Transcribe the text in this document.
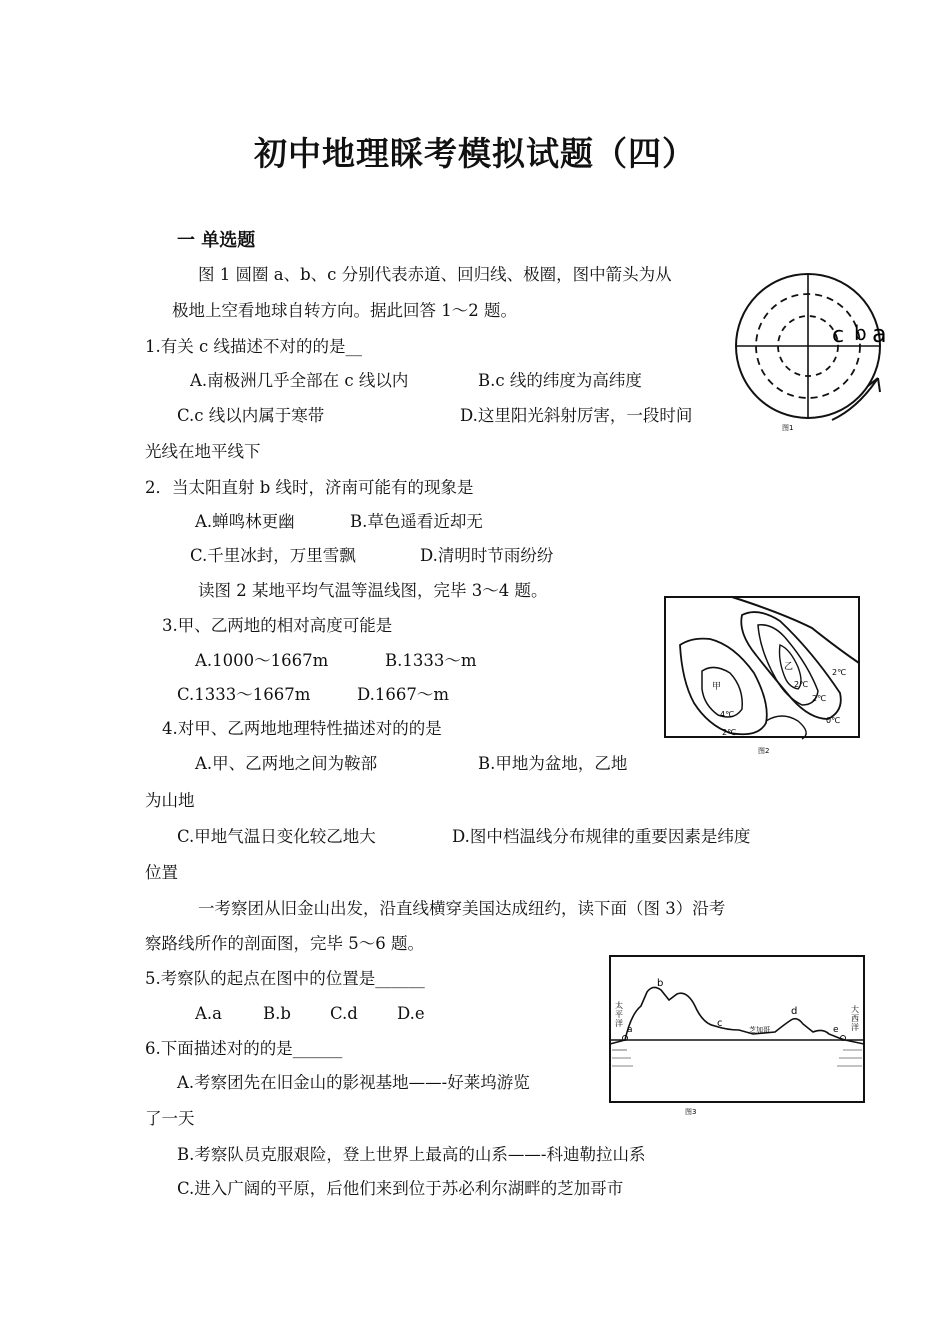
初中地理睬考模拟试题（四）
一 单选题
图 1 圆圈 a、b、c 分别代表赤道、回归线、极圈，图中箭头为从
极地上空看地球自转方向。据此回答 1～2 题。
1.有关 c 线描述不对的的是__
A.南极洲几乎全部在 c 线以内	B.c 线的纬度为高纬度
C.c 线以内属于寒带	D.这里阳光斜射厉害，一段时间
光线在地平线下
2．当太阳直射 b 线时，济南可能有的现象是
A.蝉鸣林更幽	B.草色遥看近却无
C.千里冰封，万里雪飘	D.清明时节雨纷纷
读图 2 某地平均气温等温线图，完毕 3～4 题。
3.甲、乙两地的相对高度可能是
A.1000～1667m	B.1333～m
C.1333～1667m	D.1667～m
4.对甲、乙两地地理特性描述对的的是
A.甲、乙两地之间为鞍部	B.甲地为盆地，乙地
为山地
C.甲地气温日变化较乙地大	D.图中档温线分布规律的重要因素是纬度
位置
一考察团从旧金山出发，沿直线横穿美国达成纽约，读下面（图 3）沿考
察路线所作的剖面图，完毕 5～6 题。
5.考察队的起点在图中的位置是______
A.a B.b C.d D.e
6.下面描述对的的是______
A.考察团先在旧金山的影视基地——-好莱坞游览
了一天
B.考察队员克服艰险，登上世界上最高的山系——-科迪勒拉山系
C.进入广阔的平原，后他们来到位于苏必利尔湖畔的芝加哥市
c b a
图1
甲
乙
4℃
2℃
2℃
2℃
0℃
2℃
图2
太
平
洋
大
西
洋
a
b
c
d
e
芝加哥
图3
